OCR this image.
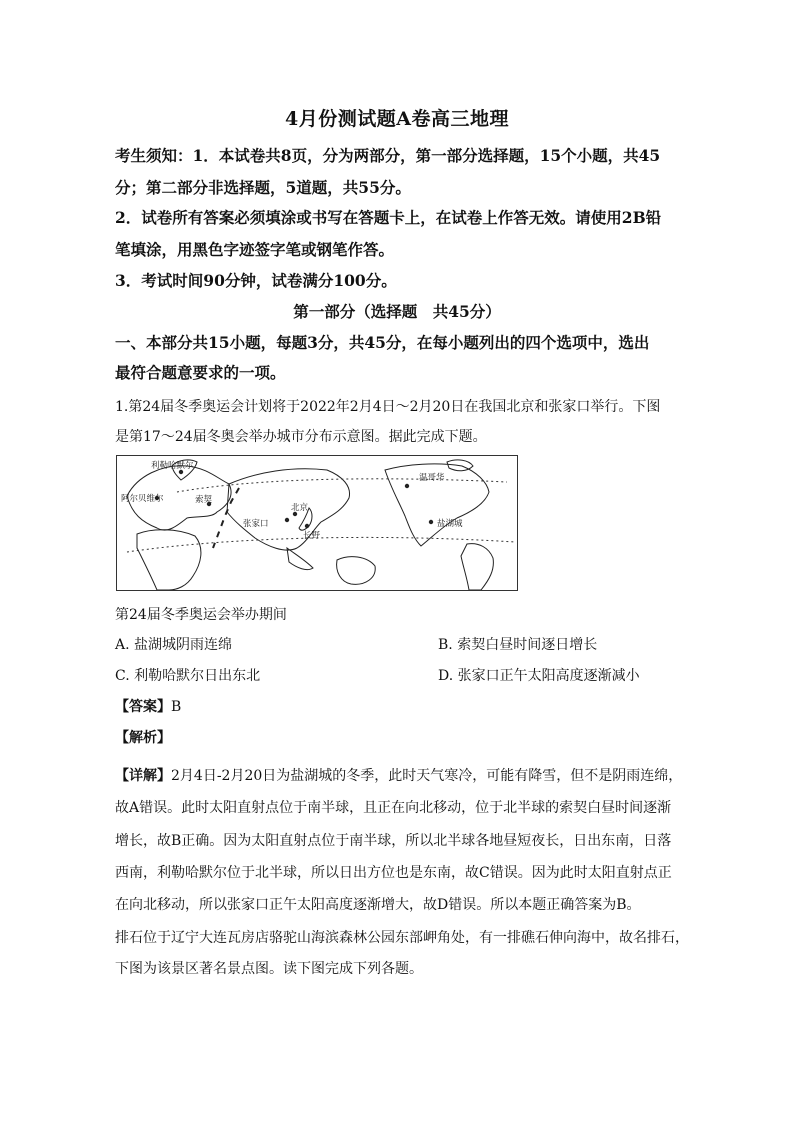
4月份测试题A卷高三地理
考生须知：1．本试卷共8页，分为两部分，第一部分选择题，15个小题，共45
分；第二部分非选择题，5道题，共55分。
2．试卷所有答案必须填涂或书写在答题卡上，在试卷上作答无效。请使用2B铅
笔填涂，用黑色字迹签字笔或钢笔作答。
3．考试时间90分钟，试卷满分100分。
第一部分（选择题　共45分）
一、本部分共15小题，每题3分，共45分，在每小题列出的四个选项中，选出
最符合题意要求的一项。
1.第24届冬季奥运会计划将于2022年2月4日～2月20日在我国北京和张家口举行。下图
是第17～24届冬奥会举办城市分布示意图。据此完成下题。
利勒哈默尔
阿尔贝维尔	索契
北京
张家口
长野
温哥华
盐湖城
第24届冬季奥运会举办期间
A. 盐湖城阴雨连绵	B. 索契白昼时间逐日增长
C. 利勒哈默尔日出东北	D. 张家口正午太阳高度逐渐减小
【答案】B
【解析】
【详解】2月4日-2月20日为盐湖城的冬季，此时天气寒冷，可能有降雪，但不是阴雨连绵，
故A错误。此时太阳直射点位于南半球，且正在向北移动，位于北半球的索契白昼时间逐渐
增长，故B正确。因为太阳直射点位于南半球，所以北半球各地昼短夜长，日出东南，日落
西南，利勒哈默尔位于北半球，所以日出方位也是东南，故C错误。因为此时太阳直射点正
在向北移动，所以张家口正午太阳高度逐渐增大，故D错误。所以本题正确答案为B。
排石位于辽宁大连瓦房店骆驼山海滨森林公园东部岬角处，有一排礁石伸向海中，故名排石，
下图为该景区著名景点图。读下图完成下列各题。
